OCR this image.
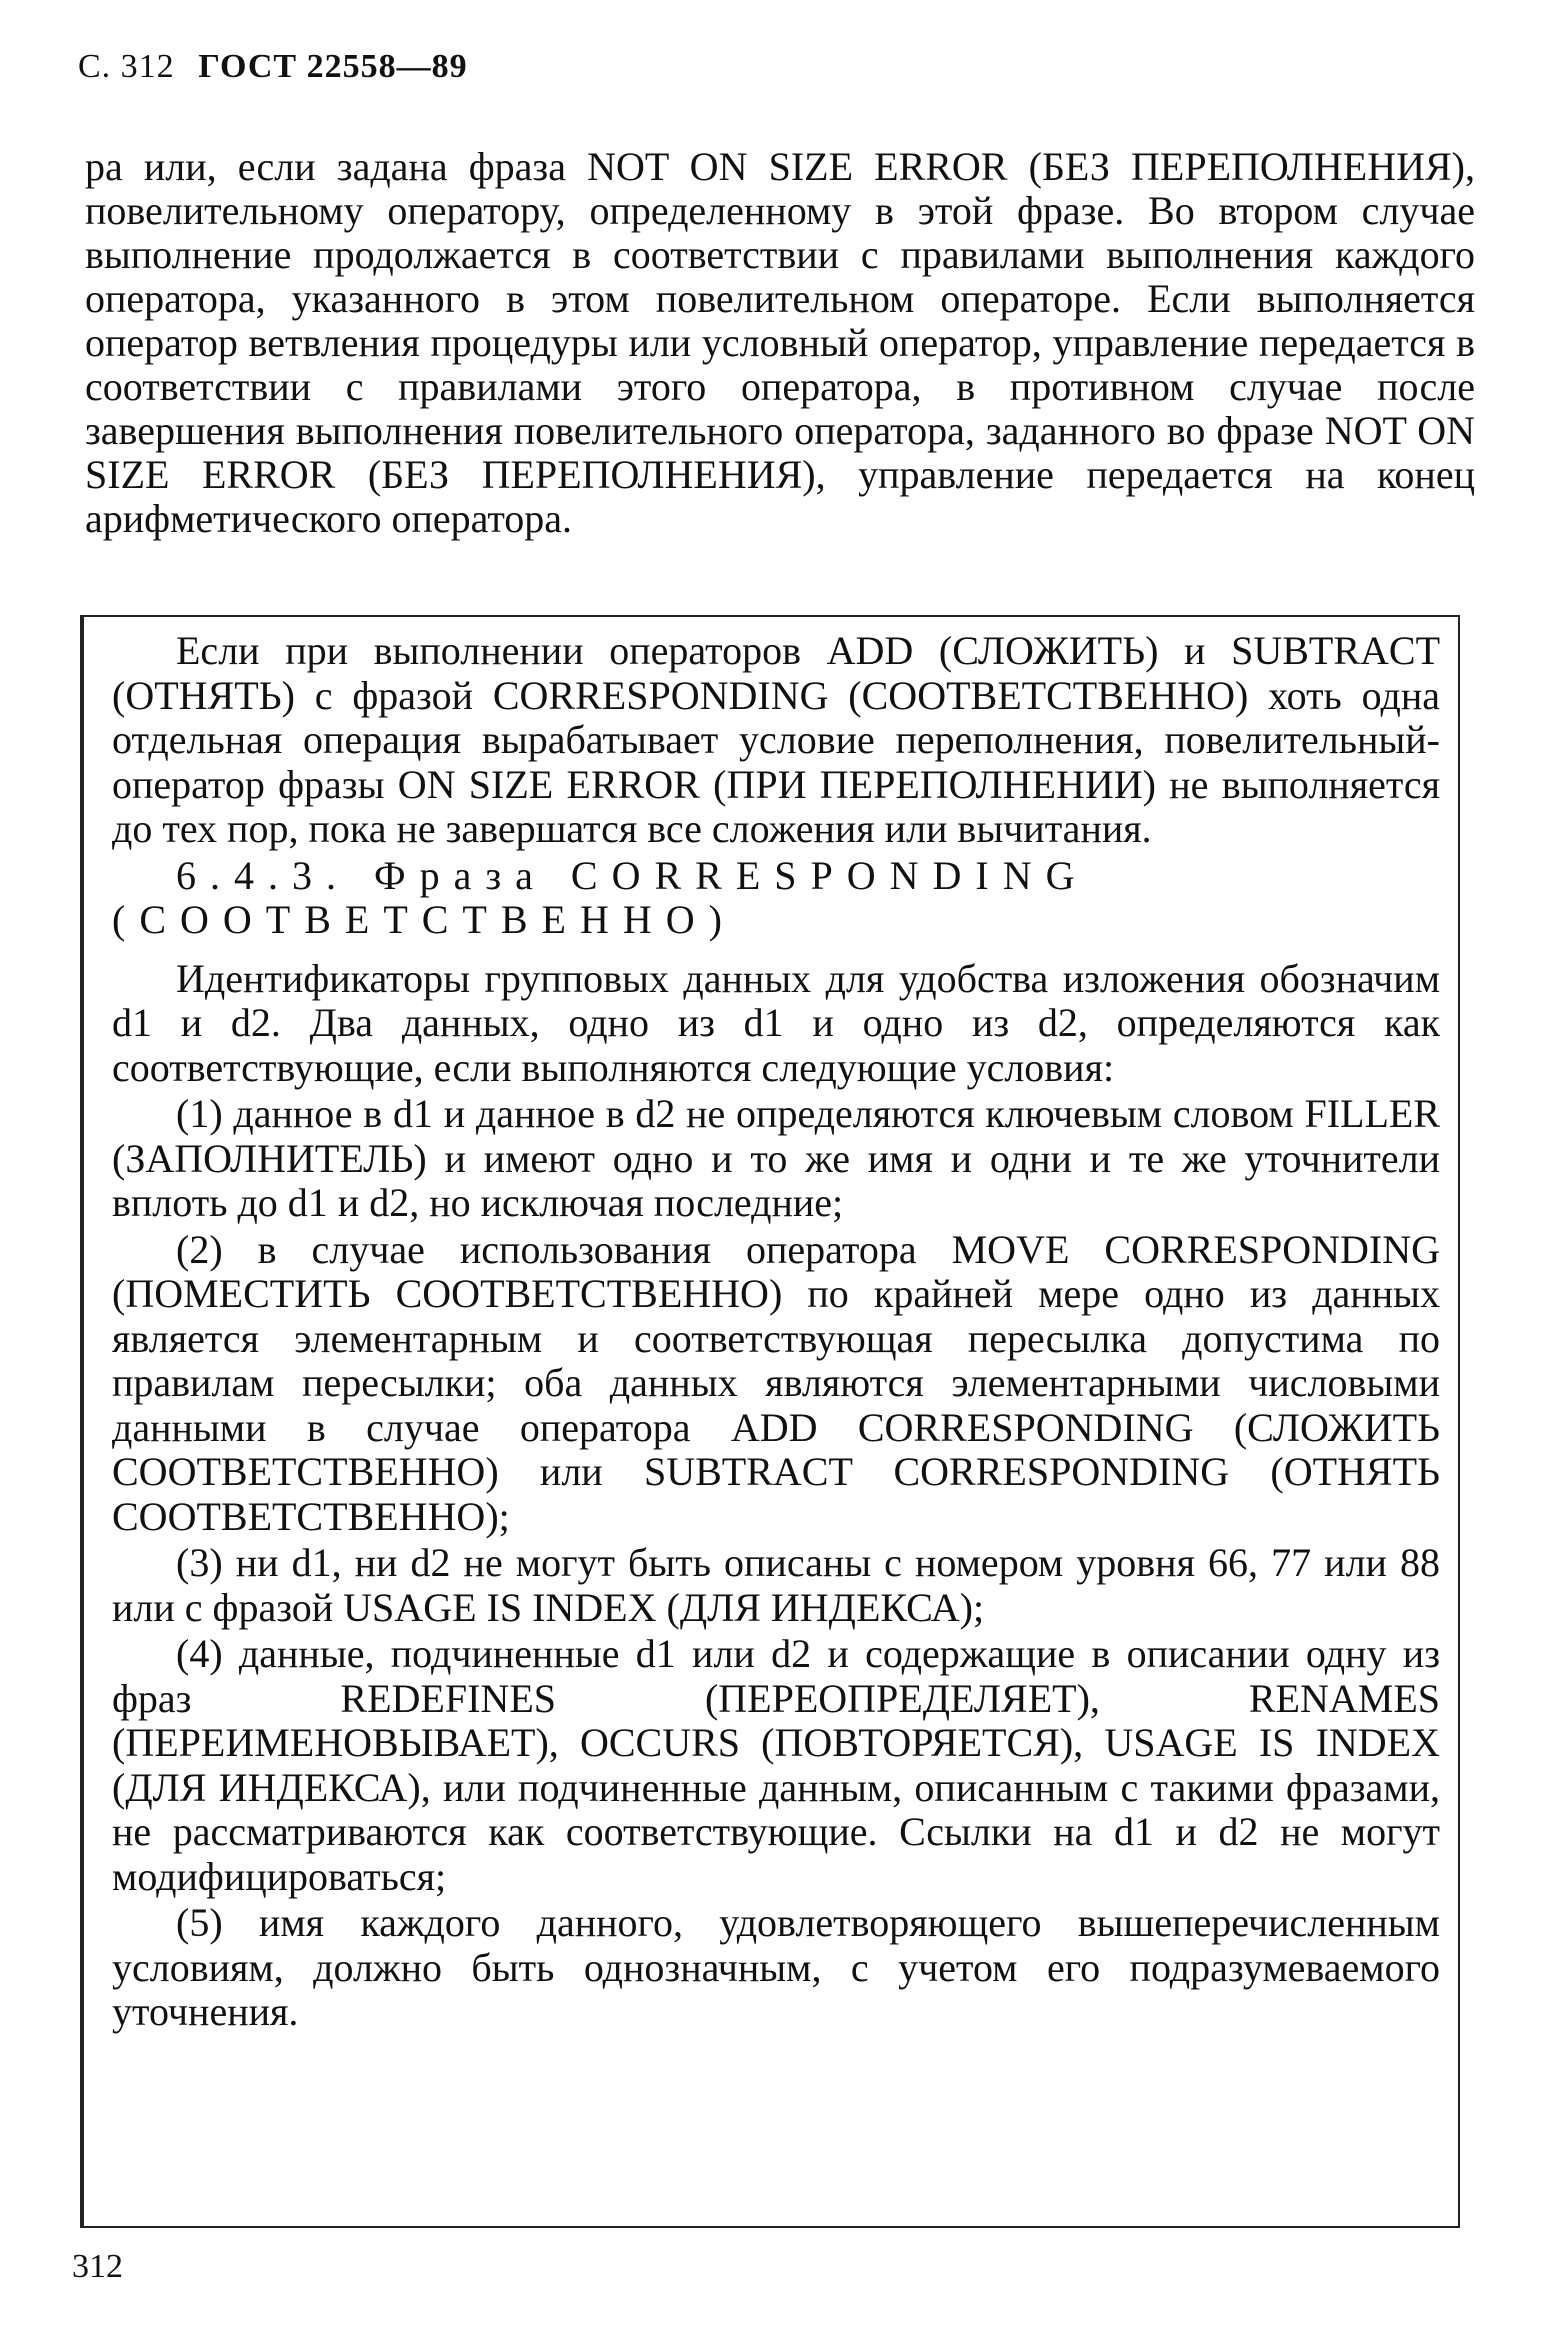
С. 312 ГОСТ 22558—89
ра или, если задана фраза NOT ON SIZE ERROR (БЕЗ ПЕРЕПОЛНЕНИЯ), повелительному оператору, определенному в этой фразе. Во втором случае выполнение продолжается в соответствии с правилами выполнения каждого оператора, указанного в этом повелительном операторе. Если выполняется оператор ветвления процедуры или условный оператор, управление передается в соответствии с правилами этого оператора, в противном случае после завершения выполнения повелительного оператора, заданного во фразе NOT ON SIZE ERROR (БЕЗ ПЕРЕПОЛНЕНИЯ), управление передается на конец арифметического оператора.
Если при выполнении операторов ADD (СЛОЖИТЬ) и SUBTRACT (ОТНЯТЬ) с фразой CORRESPONDING (СООТВЕТСТВЕННО) хоть одна отдельная операция вырабатывает условие переполнения, повелительный-оператор фразы ON SIZE ERROR (ПРИ ПЕРЕПОЛНЕНИИ) не выполняется до тех пор, пока не завершатся все сложения или вычитания.
6.4.3. Фраза CORRESPONDING (СООТВЕТСТВЕННО)
Идентификаторы групповых данных для удобства изложения обозначим d1 и d2. Два данных, одно из d1 и одно из d2, определяются как соответствующие, если выполняются следующие условия:
(1) данное в d1 и данное в d2 не определяются ключевым словом FILLER (ЗАПОЛНИТЕЛЬ) и имеют одно и то же имя и одни и те же уточнители вплоть до d1 и d2, но исключая последние;
(2) в случае использования оператора MOVE CORRESPONDING (ПОМЕСТИТЬ СООТВЕТСТВЕННО) по крайней мере одно из данных является элементарным и соответствующая пересылка допустима по правилам пересылки; оба данных являются элементарными числовыми данными в случае оператора ADD CORRESPONDING (СЛОЖИТЬ СООТВЕТСТВЕННО) или SUBTRACT CORRESPONDING (ОТНЯТЬ СООТВЕТСТВЕННО);
(3) ни d1, ни d2 не могут быть описаны с номером уровня 66, 77 или 88 или с фразой USAGE IS INDEX (ДЛЯ ИНДЕКСА);
(4) данные, подчиненные d1 или d2 и содержащие в описании одну из фраз REDEFINES (ПЕРЕОПРЕДЕЛЯЕТ), RENAMES (ПЕРЕИМЕНОВЫВАЕТ), OCCURS (ПОВТОРЯЕТСЯ), USAGE IS INDEX (ДЛЯ ИНДЕКСА), или подчиненные данным, описанным с такими фразами, не рассматриваются как соответствующие. Ссылки на d1 и d2 не могут модифицироваться;
(5) имя каждого данного, удовлетворяющего вышеперечисленным условиям, должно быть однозначным, с учетом его подразумеваемого уточнения.
312
